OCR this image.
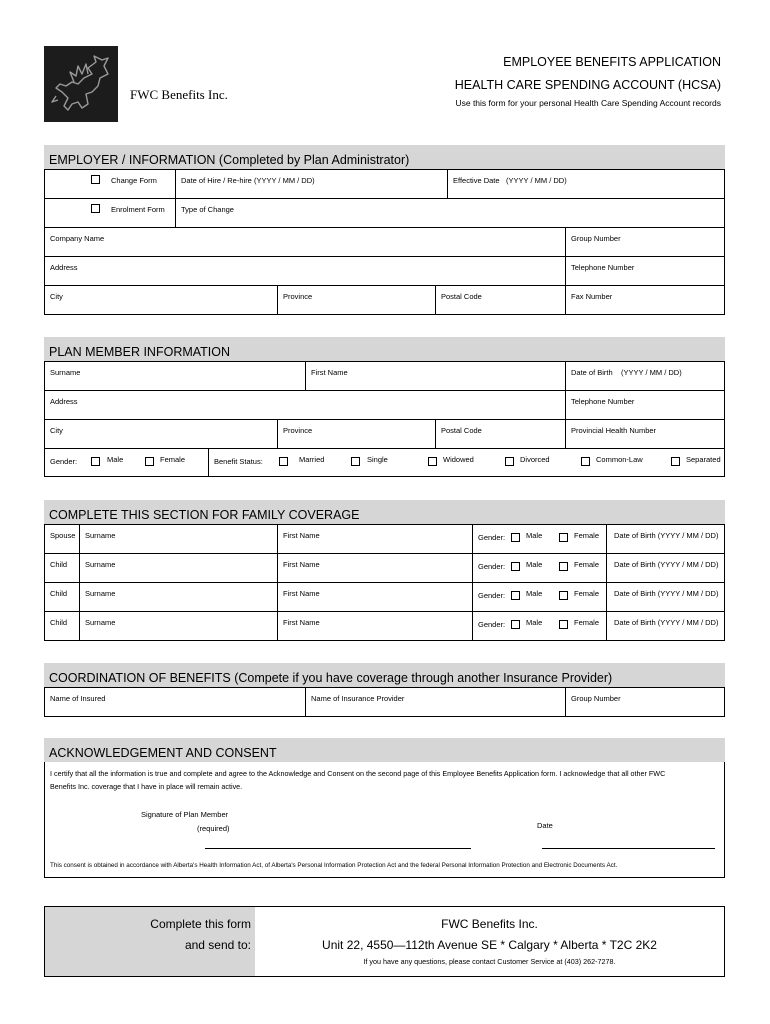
FWC Benefits Inc.
EMPLOYEE BENEFITS APPLICATION
HEALTH CARE SPENDING ACCOUNT (HCSA)
Use this form for your personal Health Care Spending Account records
EMPLOYER / INFORMATION (Completed by Plan Administrator)
Change Form	Date of Hire / Re-hire (YYYY / MM / DD)	Effective Date (YYYY / MM / DD)
Enrolment Form	Type of Change
Company Name	Group Number
Address	Telephone Number
City	Province	Postal Code	Fax Number
PLAN MEMBER INFORMATION
Surname	First Name	Date of Birth (YYYY / MM / DD)
Address	Telephone Number
City	Province	Postal Code	Provincial Health Number
Gender:	Male	Female	Benefit Status:	Married	Single	Widowed	Divorced	Common-Law	Separated
COMPLETE THIS SECTION FOR FAMILY COVERAGE
Spouse	Surname	First Name	Gender:	Male	Female	Date of Birth (YYYY / MM / DD)
Child	Surname	First Name	Gender:	Male	Female	Date of Birth (YYYY / MM / DD)
Child	Surname	First Name	Gender:	Male	Female	Date of Birth (YYYY / MM / DD)
Child	Surname	First Name	Gender:	Male	Female	Date of Birth (YYYY / MM / DD)
COORDINATION OF BENEFITS (Compete if you have coverage through another Insurance Provider)
Name of Insured	Name of Insurance Provider	Group Number
ACKNOWLEDGEMENT AND CONSENT
I certify that all the information is true and complete and agree to the Acknowledge and Consent on the second page of this Employee Benefits Application form. I acknowledge that all other FWC
Benefits Inc. coverage that I have in place will remain active.
Signature of Plan Member
(required)	Date
This consent is obtained in accordance with Alberta's Health Information Act, of Alberta's Personal Information Protection Act and the federal Personal Information Protection and Electronic Documents Act.
Complete this form
and send to:
FWC Benefits Inc.
Unit 22, 4550—112th Avenue SE * Calgary * Alberta * T2C 2K2
If you have any questions, please contact Customer Service at (403) 262-7278.
